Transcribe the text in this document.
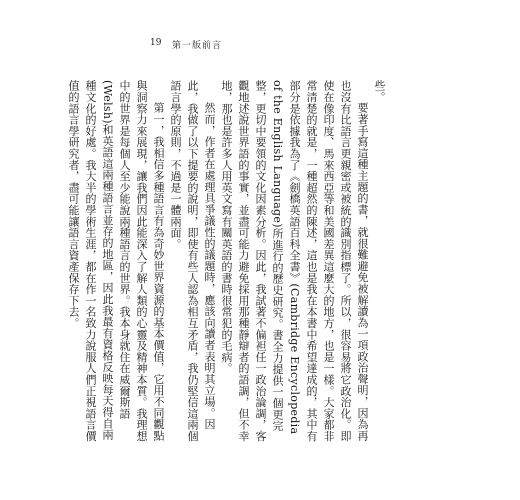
19 第一版前言

些。

要著手寫這種主題的書，就很難避免被解讀為一項政治聲明，因為再也沒有比語言更親密或被統的識別指標了。所以，很容易將它政治化。即使在像印度、馬來西亞等和美國差異這麼大的地方，也是一樣。大家都非常清楚的就是，一種超然的陳述，這也是我在本書中希望達成的，其中有部分是依據我為了《劍橋英語百科全書》(Cambridge Encyclopedia of the English Language)所進行的歷史研究。書全力提供一個更完整，更切中要領的文化因素分析。因此，我試著不偏袒任一政治論調，客觀地述說世界語的事實，並盡可能力避免採用那種靜辯者的語調，但不幸地，那也是許多人用英文寫有關英語的書時很常犯的毛病。

然而，作者在處理具爭議性的議題時，應該向讀者表明其立場。因此，我做了以下提要的說明，即使有些人認為相互矛盾，我仍堅信這兩個語言學的原則，不過是一體兩面。

第一，我相信多種語言有為奇妙世界資源的基本價值，它用不同觀點與洞察力來展現，讓我們因此能深入了解人類的心靈及精神本質。我理想中的世界是每個人至少能說兩種語言的世界。我本身就住在威爾斯語(Welsh)和英語這兩種語言並存的地區，因此我最有資格反映每天得自兩種文化的好處。我大半的學術生涯，都在作一名致力說服人們正視語言價值的語言學研究者，盡可能讓語言資產保存下去。
